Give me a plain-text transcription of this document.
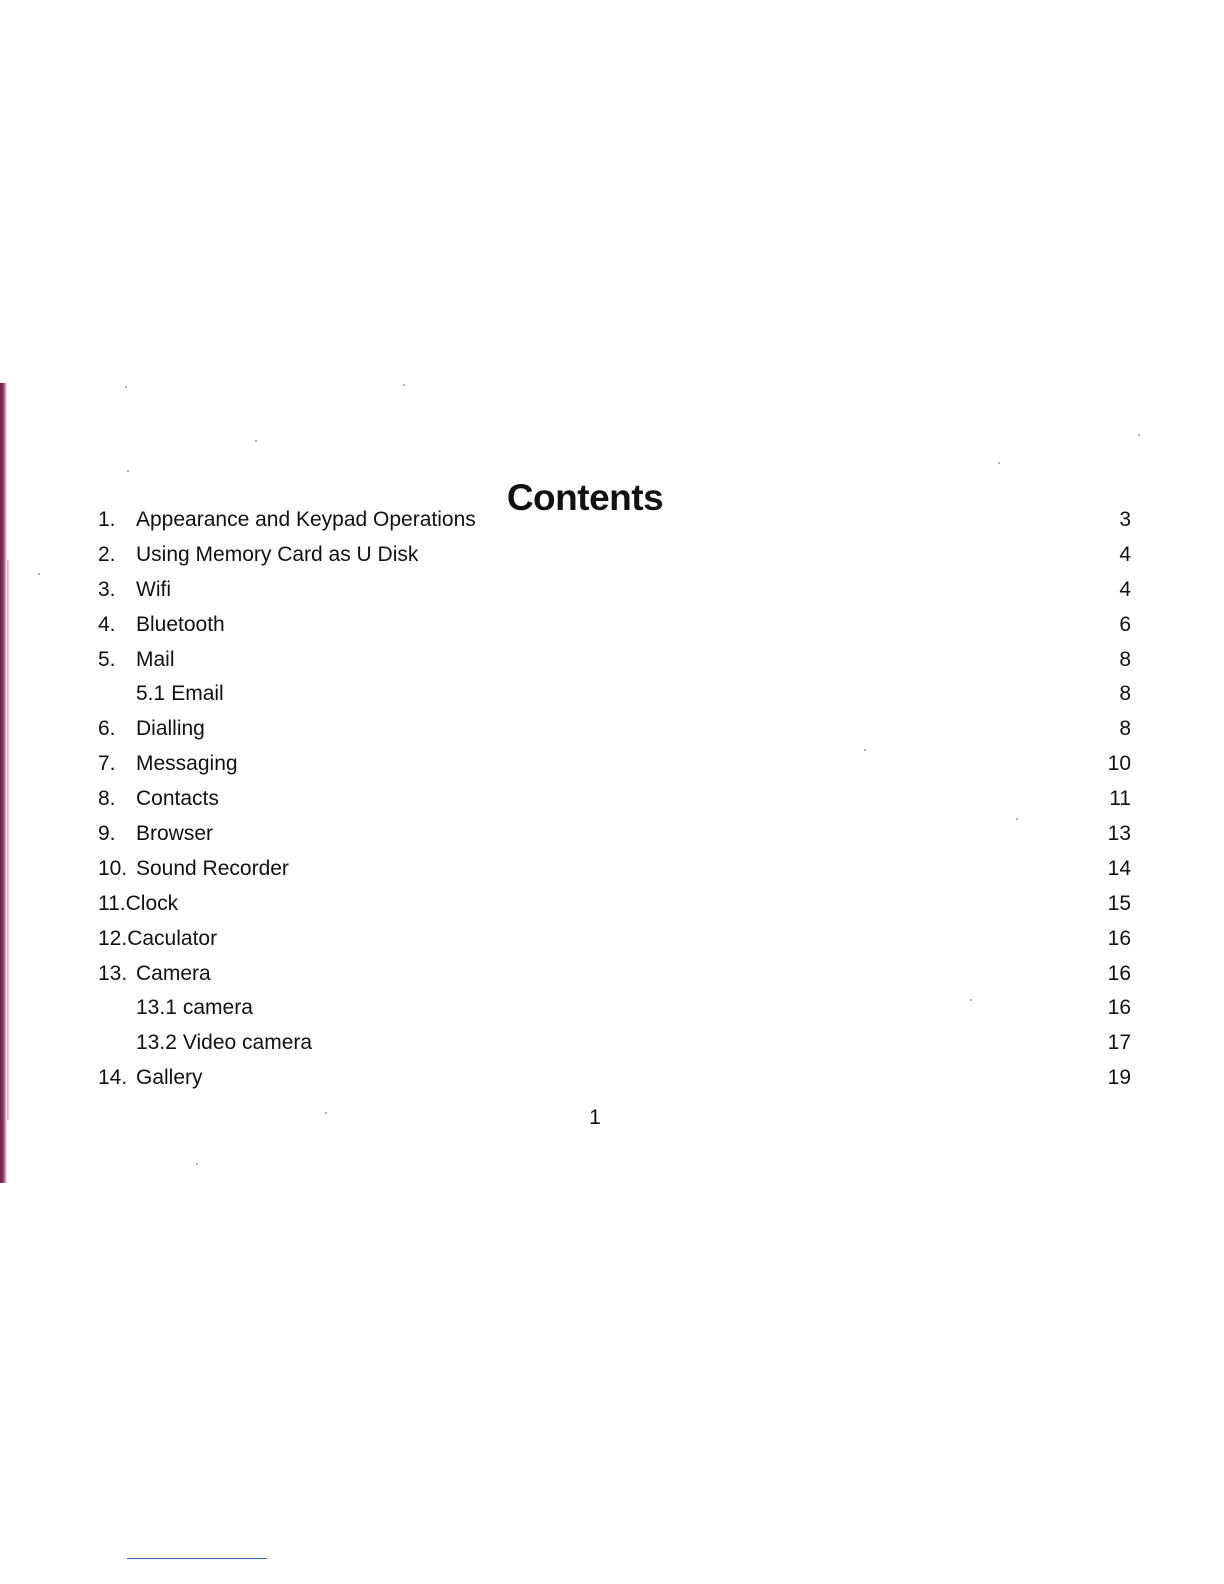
Contents
1. Appearance and Keypad Operations .....	3
2. Using Memory Card as U Disk .....	4
3. Wifi .....	4
4. Bluetooth .....	6
5. Mail .....	8
5.1 Email .....	8
6. Dialling .....	8
7. Messaging .....	10
8. Contacts .....	11
9. Browser .....	13
10. Sound Recorder .....	14
11. Clock .....	15
12. Caculator .....	16
13. Camera .....	16
13.1 camera .....	16
13.2 Video camera .....	17
14. Gallery .....	19
1
